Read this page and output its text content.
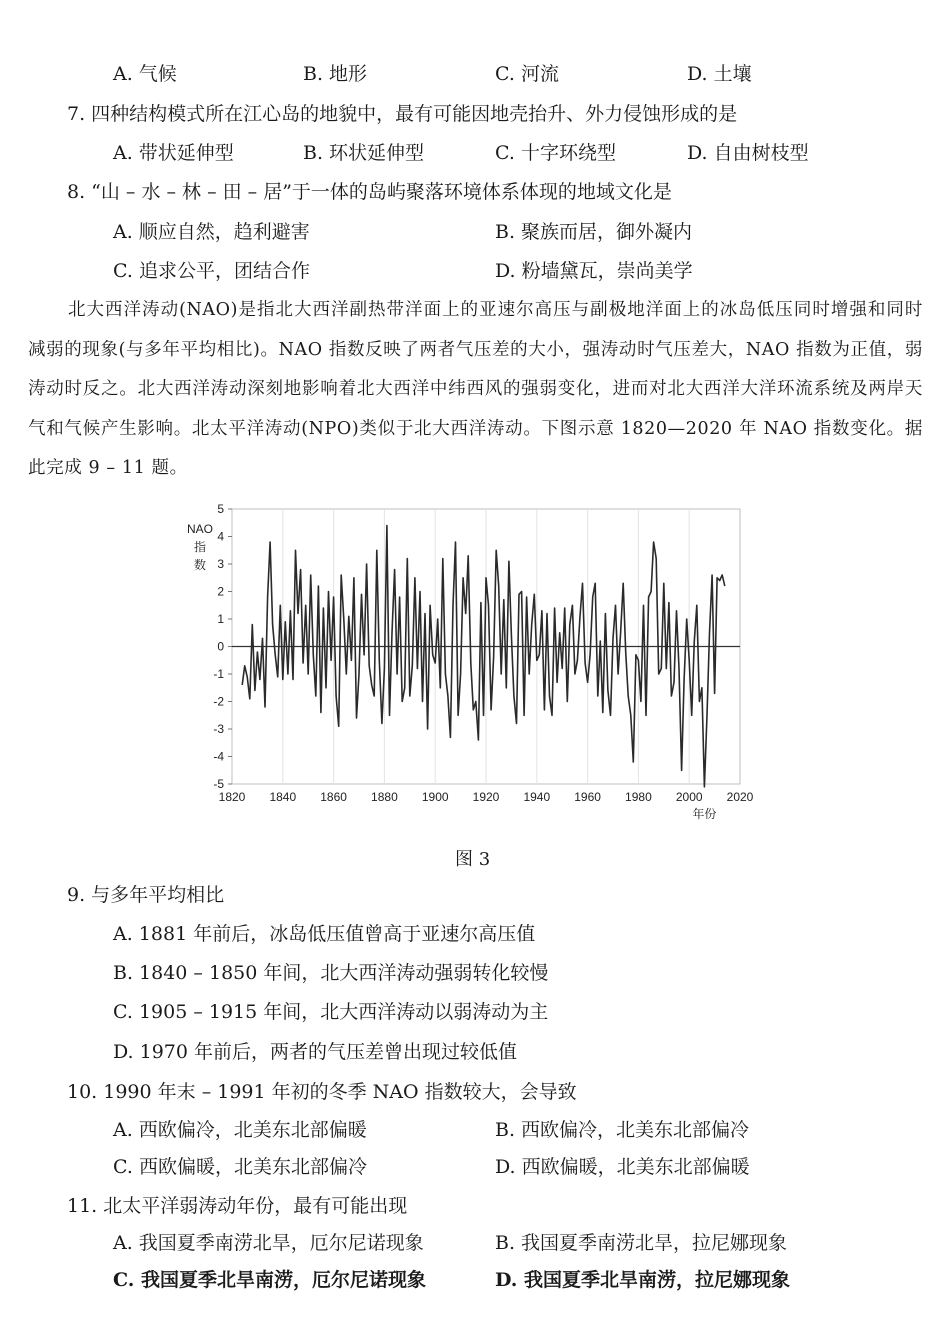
A. 气候	B. 地形	C. 河流	D. 土壤
7. 四种结构模式所在江心岛的地貌中，最有可能因地壳抬升、外力侵蚀形成的是
A. 带状延伸型	B. 环状延伸型	C. 十字环绕型	D. 自由树枝型
8. “山 – 水 – 林 – 田 – 居”于一体的岛屿聚落环境体系体现的地域文化是
A. 顺应自然，趋利避害	B. 聚族而居，御外凝内
C. 追求公平，团结合作	D. 粉墙黛瓦，崇尚美学
北大西洋涛动(NAO)是指北大西洋副热带洋面上的亚速尔高压与副极地洋面上的冰岛低压同时增强和同时减弱的现象(与多年平均相比)。NAO 指数反映了两者气压差的大小，强涛动时气压差大，NAO 指数为正值，弱涛动时反之。北大西洋涛动深刻地影响着北大西洋中纬西风的强弱变化，进而对北大西洋大洋环流系统及两岸天气和气候产生影响。北太平洋涛动(NPO)类似于北大西洋涛动。下图示意 1820—2020 年 NAO 指数变化。据此完成 9 – 11 题。
5
4
3
2
1
0
-1
-2
-3
-4
-5
1820 1840 1860 1880 1900 1920 1940 1960 1980 2000 2020
NAO
指
数
年份
图 3
9. 与多年平均相比
A. 1881 年前后，冰岛低压值曾高于亚速尔高压值
B. 1840 – 1850 年间，北大西洋涛动强弱转化较慢
C. 1905 – 1915 年间，北大西洋涛动以弱涛动为主
D. 1970 年前后，两者的气压差曾出现过较低值
10. 1990 年末 – 1991 年初的冬季 NAO 指数较大，会导致
A. 西欧偏冷，北美东北部偏暖	B. 西欧偏冷，北美东北部偏冷
C. 西欧偏暖，北美东北部偏冷	D. 西欧偏暖，北美东北部偏暖
11. 北太平洋弱涛动年份，最有可能出现
A. 我国夏季南涝北旱，厄尔尼诺现象	B. 我国夏季南涝北旱，拉尼娜现象
C. 我国夏季北旱南涝，厄尔尼诺现象	D. 我国夏季北旱南涝，拉尼娜现象
